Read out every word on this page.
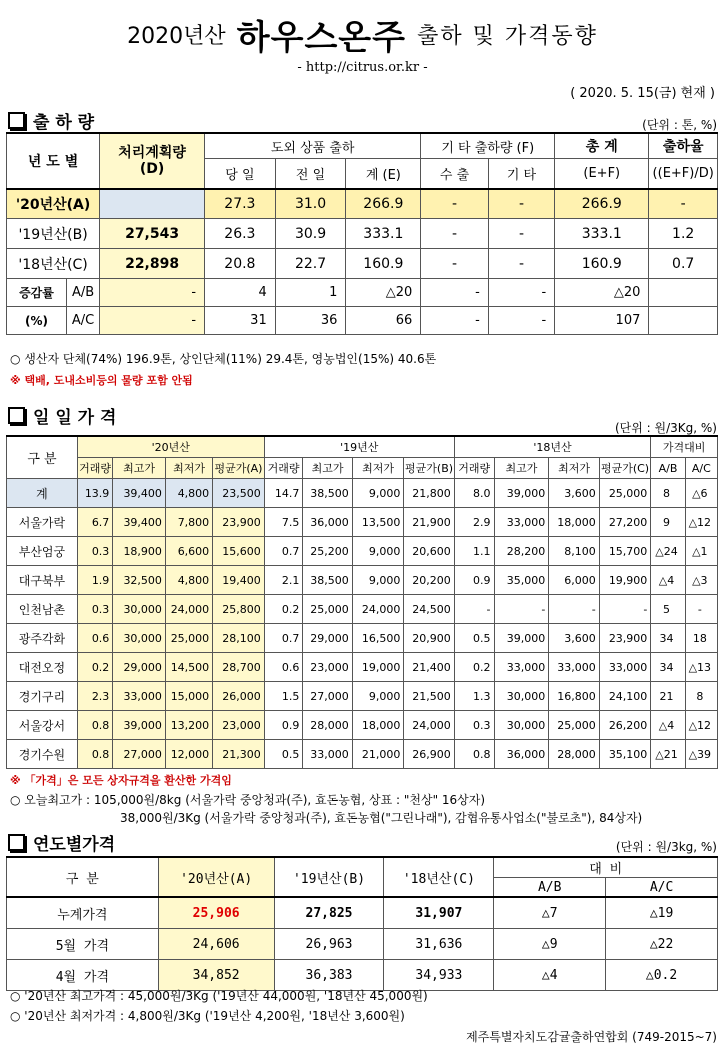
2020년산 하우스온주 출하 및 가격동향
- http://citrus.or.kr -
( 2020. 5. 15(금) 현재 )
출 하 량	(단위 : 톤, %)
년 도 별		처리계획량
(D)	도외 상품 출하			기 타 출하량 (F)		총 계	출하율
			당 일	전 일	계 (E)	수 출	기 타	(E+F)	((E+F)/D)
'20년산(A)			27.3	31.0	266.9	-	-	266.9	-
'19년산(B)		27,543	26.3	30.9	333.1	-	-	333.1	1.2
'18년산(C)		22,898	20.8	22.7	160.9	-	-	160.9	0.7
증감률	A/B	-	4	1	△20	-	-	△20	
(%)	A/C	-	31	36	66	-	-	107	
○ 생산자 단체(74%) 196.9톤, 상인단체(11%) 29.4톤, 영농법인(15%) 40.6톤
※ 택배, 도내소비등의 물량 포함 안됨
일 일 가 격	(단위 : 원/3Kg, %)
구 분	'20년산				'19년산				'18년산				가격대비	
	거래량	최고가	최저가	평균가(A)	거래량	최고가	최저가	평균가(B)	거래량	최고가	최저가	평균가(C)	A/B	A/C
계	13.9	39,400	4,800	23,500	14.7	38,500	9,000	21,800	8.0	39,000	3,600	25,000	8	△6
서울가락	6.7	39,400	7,800	23,900	7.5	36,000	13,500	21,900	2.9	33,000	18,000	27,200	9	△12
부산엄궁	0.3	18,900	6,600	15,600	0.7	25,200	9,000	20,600	1.1	28,200	8,100	15,700	△24	△1
대구북부	1.9	32,500	4,800	19,400	2.1	38,500	9,000	20,200	0.9	35,000	6,000	19,900	△4	△3
인천남촌	0.3	30,000	24,000	25,800	0.2	25,000	24,000	24,500	-	-	-	-	5	-
광주각화	0.6	30,000	25,000	28,100	0.7	29,000	16,500	20,900	0.5	39,000	3,600	23,900	34	18
대전오정	0.2	29,000	14,500	28,700	0.6	23,000	19,000	21,400	0.2	33,000	33,000	33,000	34	△13
경기구리	2.3	33,000	15,000	26,000	1.5	27,000	9,000	21,500	1.3	30,000	16,800	24,100	21	8
서울강서	0.8	39,000	13,200	23,000	0.9	28,000	18,000	24,000	0.3	30,000	25,000	26,200	△4	△12
경기수원	0.8	27,000	12,000	21,300	0.5	33,000	21,000	26,900	0.8	36,000	28,000	35,100	△21	△39
※ 「가격」은 모든 상자규격을 환산한 가격임
○ 오늘최고가 : 105,000원/8kg (서울가락 중앙청과(주), 효돈농협, 상표 : "천상" 16상자)
38,000원/3Kg (서울가락 중앙청과(주), 효돈농협("그린나래"), 감협유통사업소("불로초"), 84상자)
연도별가격	(단위 : 원/3kg, %)
구 분	'20년산(A)	'19년산(B)	'18년산(C)	대 비	
				A/B	A/C
누계가격	25,906	27,825	31,907	△7	△19
5월 가격	24,606	26,963	31,636	△9	△22
4월 가격	34,852	36,383	34,933	△4	△0.2
○ '20년산 최고가격 : 45,000원/3Kg ('19년산 44,000원, '18년산 45,000원)
○ '20년산 최저가격 : 4,800원/3Kg ('19년산 4,200원, '18년산 3,600원)
제주특별자치도감귤출하연합회 (749-2015~7)
